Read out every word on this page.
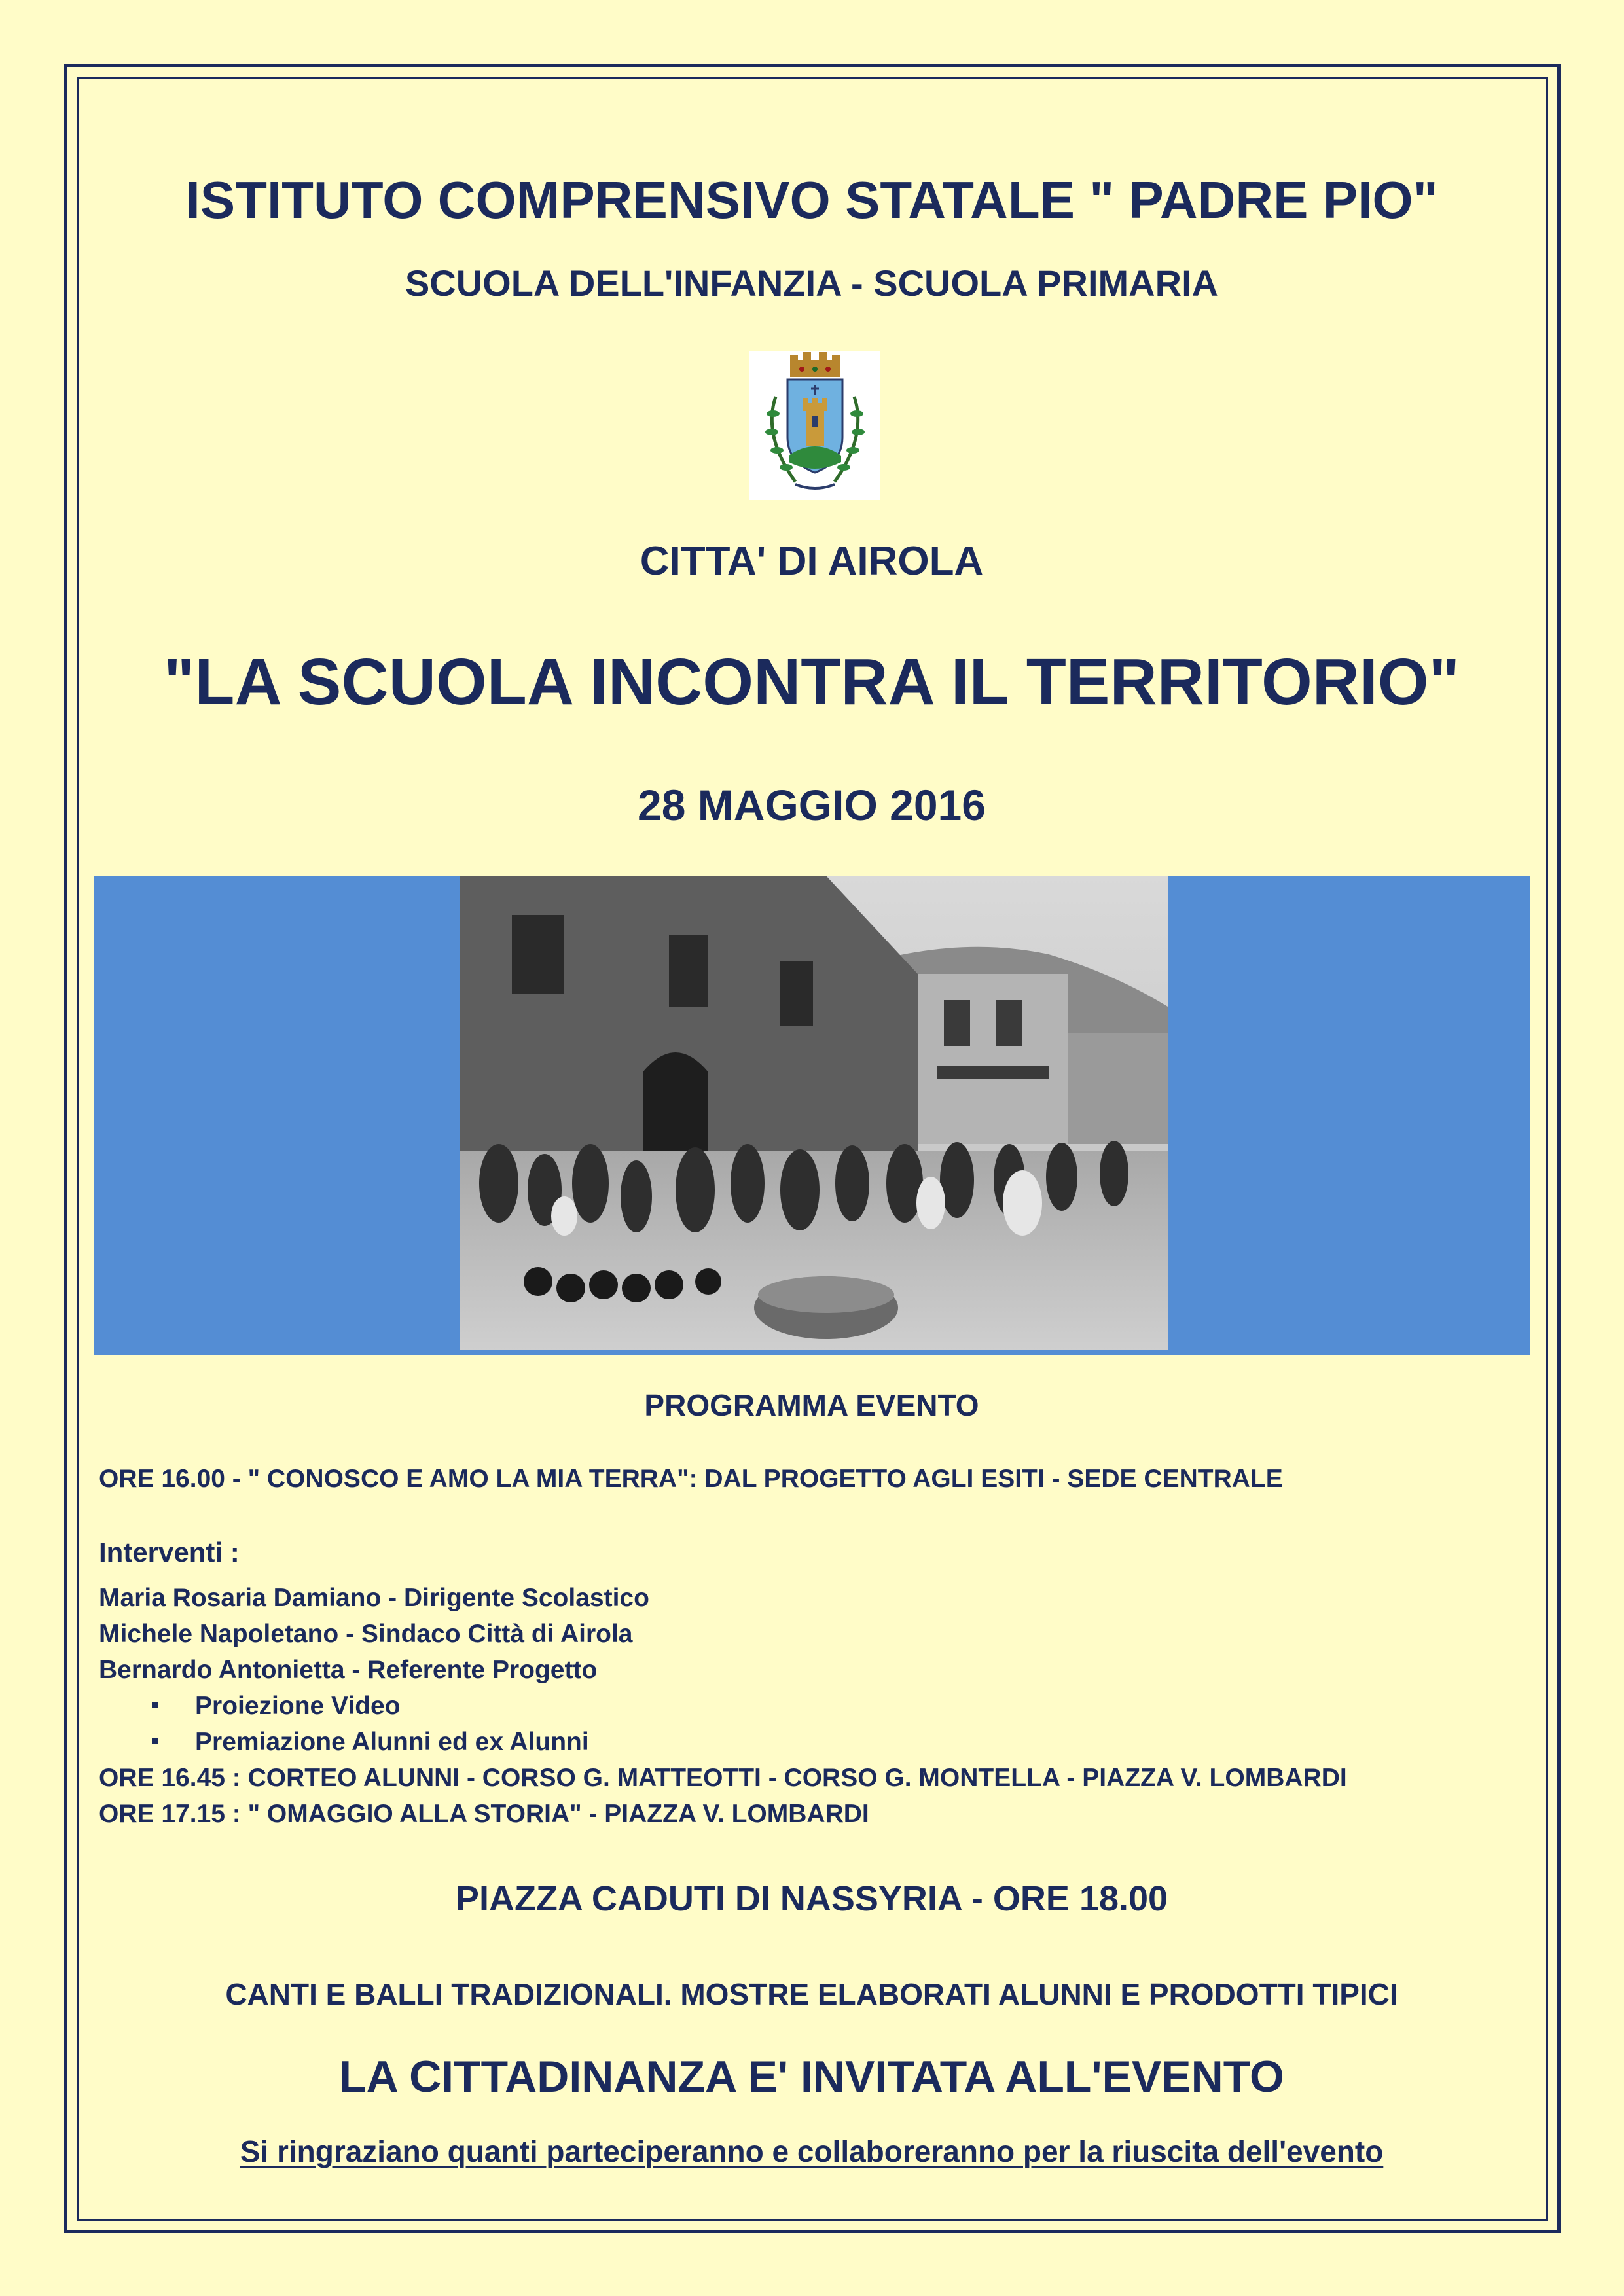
ISTITUTO COMPRENSIVO STATALE " PADRE PIO"

SCUOLA DELL'INFANZIA - SCUOLA PRIMARIA

CITTA' DI AIROLA

"LA SCUOLA INCONTRA IL TERRITORIO"

28 MAGGIO 2016

PROGRAMMA EVENTO

ORE 16.00 - " CONOSCO E AMO LA MIA TERRA": DAL PROGETTO AGLI ESITI - SEDE CENTRALE

Interventi :

Maria Rosaria Damiano - Dirigente Scolastico

Michele Napoletano - Sindaco Città di Airola

Bernardo Antonietta - Referente Progetto

Proiezione Video

Premiazione Alunni ed ex Alunni

ORE 16.45 : CORTEO ALUNNI - CORSO G. MATTEOTTI - CORSO G. MONTELLA - PIAZZA V. LOMBARDI

ORE 17.15 : " OMAGGIO ALLA STORIA" - PIAZZA V. LOMBARDI

PIAZZA CADUTI DI NASSYRIA - ORE 18.00

CANTI E BALLI TRADIZIONALI. MOSTRE ELABORATI ALUNNI E PRODOTTI TIPICI

LA CITTADINANZA E' INVITATA ALL'EVENTO

Si ringraziano quanti parteciperanno e collaboreranno per la riuscita dell'evento
